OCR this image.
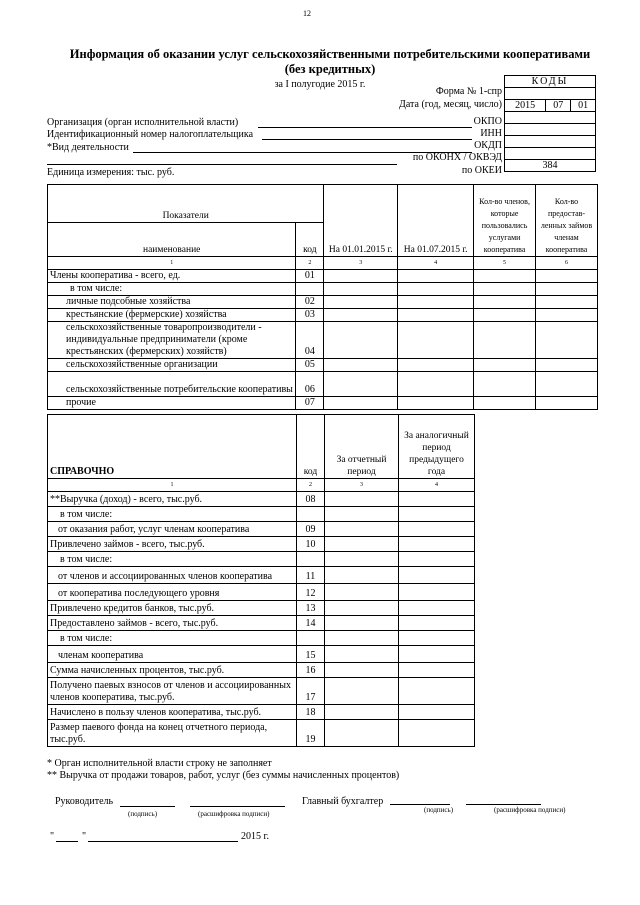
12
Информация об оказании услуг сельскохозяйственными потребительскими кооперативами
(без кредитных)
за I полугодие 2015 г.
Форма № 1-спр
Дата (год, месяц, число)
ОКПО
ИНН
ОКДП
по ОКОНХ / ОКВЭД
по ОКЕИ
КОДЫ

2015	07	01

384
Организация (орган исполнительной власти)
Идентификационный номер налогоплательщика
*Вид деятельности
Единица измерения: тыс. руб.
Показатели		На 01.01.2015 г.	На 01.07.2015 г.	Кол-во членов, которые пользовались услугами кооператива	Кол-во предостав-ленных займов членам кооператива
наименование	код				
1	2	3	4	5	6
Члены кооператива - всего, ед.	01				
в том числе:					
личные подсобные хозяйства	02				
крестьянские (фермерские) хозяйства	03				
сельскохозяйственные товаропроизводители - индивидуальные предприниматели (кроме крестьянских (фермерских) хозяйств)	04				
сельскохозяйственные организации	05				
сельскохозяйственные потребительские кооперативы	06				
прочие	07				
СПРАВОЧНО	код	За отчетный период	За аналогичный период предыдущего года
1	2	3	4
**Выручка (доход) - всего, тыс.руб.	08		
в том числе:			
от оказания работ, услуг членам кооператива	09		
Привлечено займов - всего, тыс.руб.	10		
в том числе:			
от членов и ассоциированных членов кооператива	11		
от кооператива последующего уровня	12		
Привлечено кредитов банков, тыс.руб.	13		
Предоставлено займов - всего, тыс.руб.	14		
в том числе:			
членам кооператива	15		
Сумма начисленных процентов, тыс.руб.	16		
Получено паевых взносов от членов и ассоциированных членов кооператива, тыс.руб.	17		
Начислено в пользу членов кооператива, тыс.руб.	18		
Размер паевого фонда на конец отчетного периода, тыс.руб.	19		
* Орган исполнительной власти строку не заполняет
** Выручка от продажи товаров, работ, услуг (без суммы начисленных процентов)
Руководитель
(подпись)	(расшифровка подписи)
Главный бухгалтер
(подпись)	(расшифровка подписи)
"	"	2015 г.
